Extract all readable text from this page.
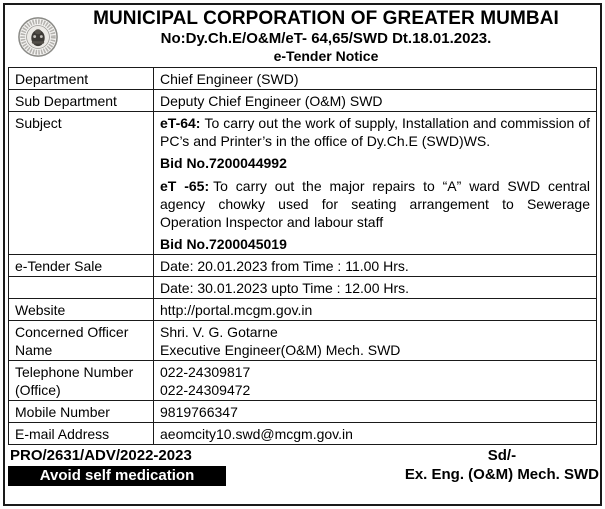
MUNICIPAL CORPORATION OF GREATER MUMBAI
No:Dy.Ch.E/O&M/eT- 64,65/SWD Dt.18.01.2023.
e-Tender Notice
Department	Chief Engineer (SWD)
Sub Department	Deputy Chief Engineer (O&M) SWD
Subject	eT-64: To carry out the work of supply, Installation and commission of PC’s and Printer’s in the office of Dy.Ch.E (SWD)WS.

Bid No.7200044992

eT -65: To carry out the major repairs to “A” ward SWD central agency chowky used for seating arrangement to Sewerage Operation Inspector and labour staff

Bid No.7200045019

e-Tender Sale	Date: 20.01.2023 from Time : 11.00 Hrs.
	Date: 30.01.2023 upto Time : 12.00 Hrs.
Website	http://portal.mcgm.gov.in
Concerned Officer Name	Shri. V. G. Gotarne
Executive Engineer(O&M) Mech. SWD

Telephone Number (Office)	022-24309817
022-24309472

Mobile Number	9819766347
E-mail Address	aeomcity10.swd@mcgm.gov.in
PRO/2631/ADV/2022-2023
Avoid self medication
Sd/-
Ex. Eng. (O&M) Mech. SWD
